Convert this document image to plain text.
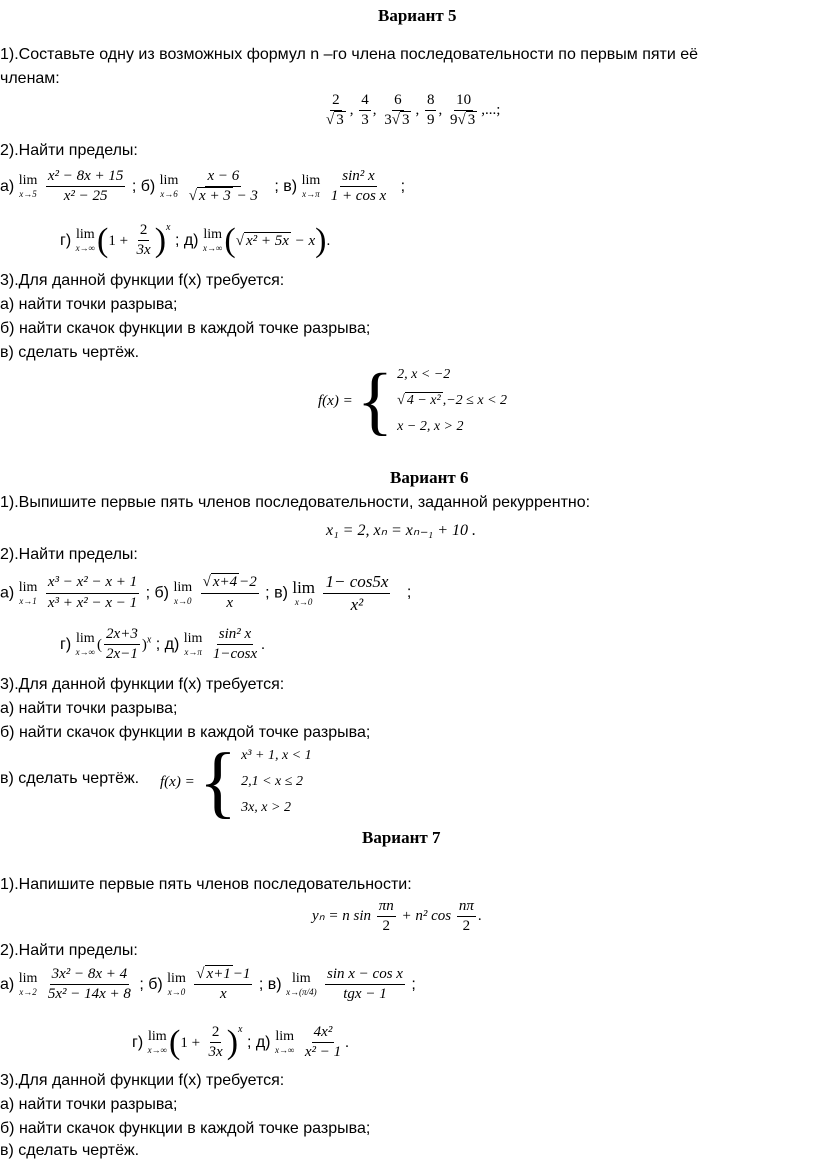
Вариант 5
1).Составьте одну из возможных формул n –го члена последовательности по первым пяти её
членам:
$\frac{2}{√ 3}$ , $\frac{4}{3}$ , $\frac{6}{3√ 3}$ , $\frac{8}{9}$ , $\frac{10}{9√ 3}$ ,...;
2).Найти пределы:
а) lim
x→5
$\frac{\text{x² − 8x + 15}}{\text{x² − 25}}$ ; б) lim
x→6
$\frac{x - 6}{√ x + 3 - 3}$ ; в) lim
x→π
$\frac{\text{sin² x}}{\text{1 + cos x}}$ ;
г) lim
x→∞ $(1 + \frac{2}{3x} )^x$ ; д) lim
x→∞ (√ x² + 5x − x).
3).Для данной функции f(x) требуется:
а) найти точки разрыва;
б) найти скачок функции в каждой точке разрыва;
в) сделать чертёж.
f(x) = { 2, x < −2
√ 4 − x² ,−2 ≤ x < 2
x − 2, x > 2
Вариант 6
1).Выпишите первые пять членов последовательности, заданной рекуррентно:
x₁ = 2, xₙ = xₙ₋₁ + 10 .
2).Найти пределы:
а) lim
x→1
$\frac{\text{x³ − x² − x + 1}}{\text{x³ + x² − x − 1}}$ ; б) lim
x→0
$\frac{√ x+4 -2}{x}$ ; в) lim
x→0
$\frac{1- \cos 5x}{\text{x²}}$ ;
г) lim
x→∞ ( $\frac{2x+3}{2x-1} )^x$ ; д) lim
x→π
$\frac{\text{sin² x}}{1-\cos x}$ .
3).Для данной функции f(x) требуется:
а) найти точки разрыва;
б) найти скачок функции в каждой точке разрыва;
в) сделать чертёж. f(x) = { x³ + 1, x < 1
2,1 < x ≤ 2
3x, x > 2
Вариант 7
1).Напишите первые пять членов последовательности:
yₙ = n $\sin \frac{\pi n}{2} + n^2$ $\cos \frac{n\pi}{2}$ .
2).Найти пределы:
а) lim
x→2
$\frac{\text{3x² − 8x + 4}}{\text{5x² − 14x + 8}}$ ; б) lim
x→0
$\frac{√ x+1 -1}{x}$ ; в) lim
x→(π/4)

sin x − cos x
tgx − 1
;
г) lim
x→∞ $(1 + \frac{2}{3x} )^x$ ; д) lim
x→∞
$\frac{\text{4x²}}{\text{x² − 1}}$ .
3).Для данной функции f(x) требуется:
а) найти точки разрыва;
б) найти скачок функции в каждой точке разрыва;
в) сделать чертёж.
